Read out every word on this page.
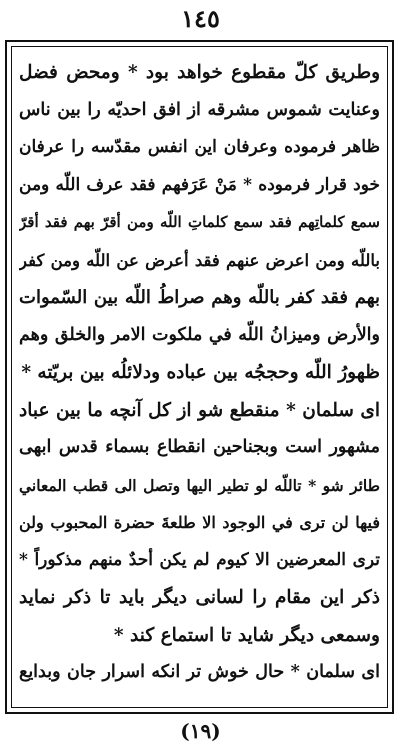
١٤٥
وطريق كلّ مقطوع خواهد بود * ومحض فضل
وعنايت شموس مشرقه از افق احديّه را بين ناس
ظاهر فرموده وعرفان اين انفس مقدّسه را عرفان
خود قرار فرموده * مَنْ عَرَفهم فقد عرف اللّه ومن
سمع كلماتِهم فقد سمع كلماتِ اللّه ومن أقرّ بهم فقد أقرّ
باللّه ومن اعرض عنهم فقد أعرض عن اللّه ومن كفر
بهم فقد كفر باللّه وهم صراطُ اللّه بين السّموات
والأرض وميزانُ اللّه في ملكوت الامر والخلق وهم
ظهورُ اللّه وحججُه بين عباده ودلائلُه بين بريّته *
اى سلمان * منقطع شو از كل آنچه ما بين عباد
مشهور است وبجناحين انقطاع بسماء قدس ابهى
طائر شو * تاللّه لو تطير اليها وتصل الى قطب المعاني
فيها لن ترى في الوجود الا طلعةَ حضرة المحبوب ولن
ترى المعرضين الا كيوم لم يكن أحدٌ منهم مذكوراً *
ذكر اين مقام را لسانى ديگر بايد تا ذكر نمايد
وسمعى ديگر شايد تا استماع كند *
اى سلمان * حال خوش تر انكه اسرار جان وبدايع
(١٩)
